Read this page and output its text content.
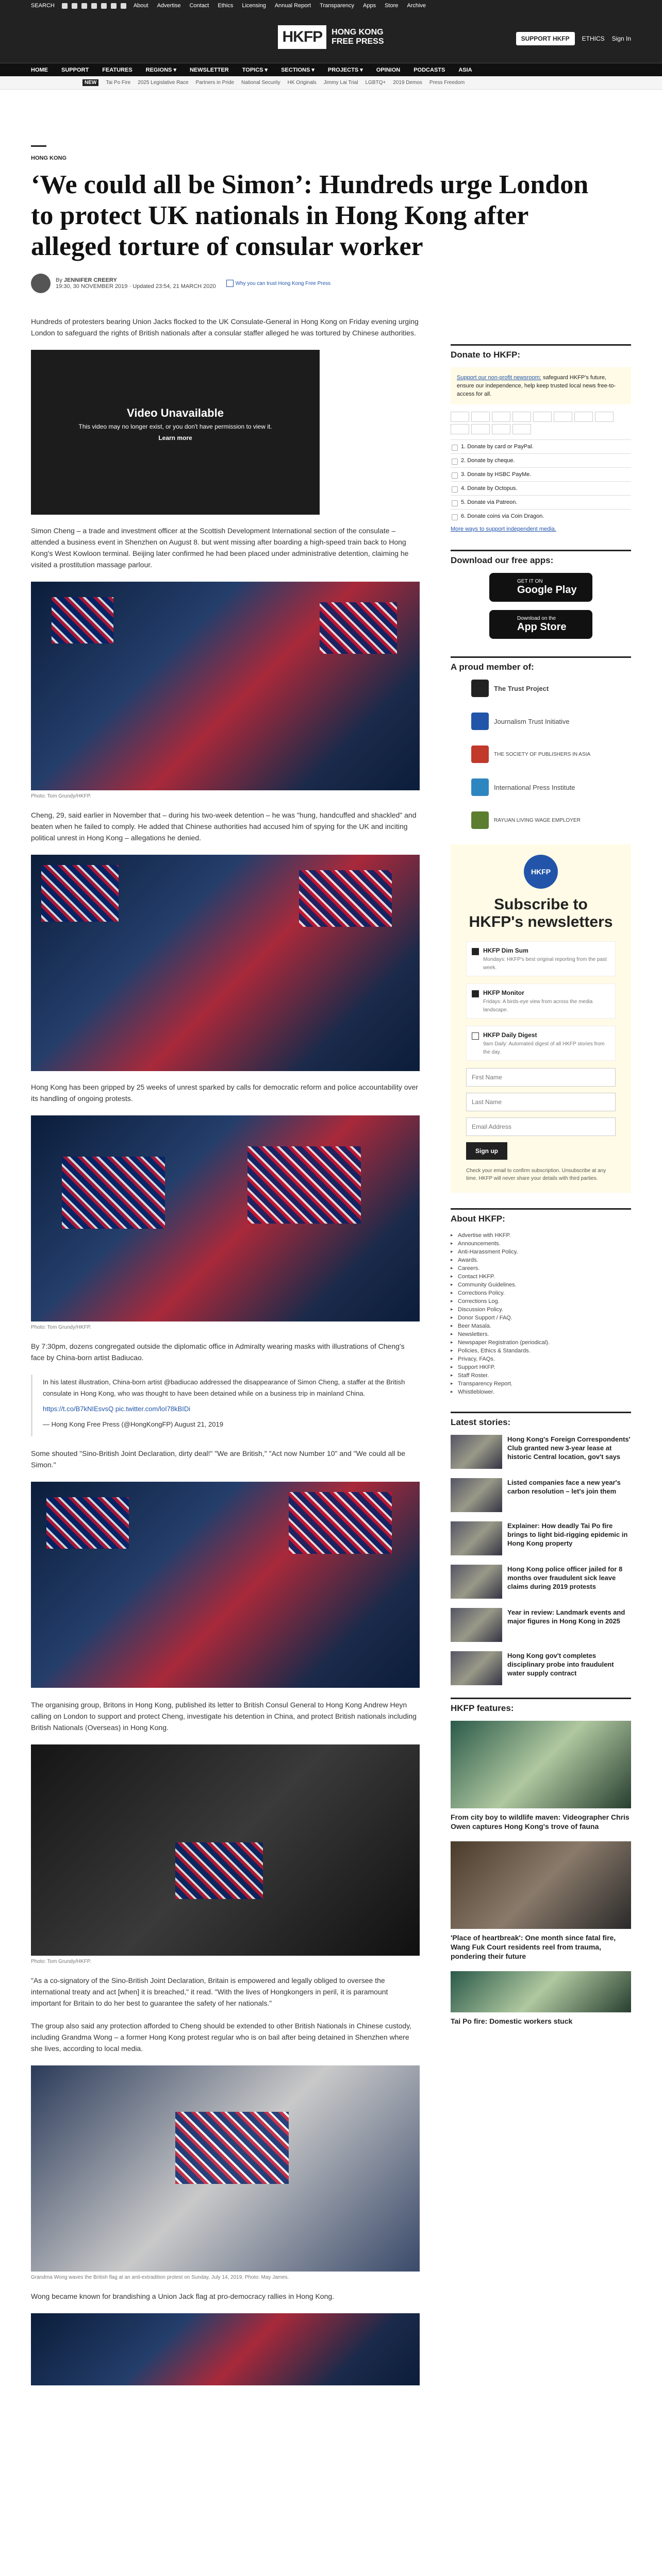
SEARCH	About Advertise Contact Ethics Licensing Annual Report Transparency Apps Store Archive
HKFP	HONG KONG
FREE PRESS	SUPPORT HKFP	ETHICS Sign In
HOME SUPPORT FEATURES REGIONS ▾ NEWSLETTER TOPICS ▾ SECTIONS ▾ PROJECTS ▾ OPINION PODCASTS ASIA
NEW	Tai Po Fire 2025 Legislative Race Partners in Pride National Security HK Originals Jimmy Lai Trial LGBTQ+ 2019 Demos Press Freedom
HONG KONG
‘We could all be Simon’: Hundreds urge London to protect UK nationals in Hong Kong after alleged torture of consular worker
By JENNIFER CREERY
19:30, 30 NOVEMBER 2019 · Updated 23:54, 21 MARCH 2020	Why you can trust Hong Kong Free Press

Hundreds of protesters bearing Union Jacks flocked to the UK Consulate-General in Hong Kong on Friday evening urging London to safeguard the rights of British nationals after a consular staffer alleged he was tortured by Chinese authorities.

Video Unavailable
This video may no longer exist, or you don't have permission to view it.
Learn more

Simon Cheng – a trade and investment officer at the Scottish Development International section of the consulate – attended a business event in Shenzhen on August 8. but went missing after boarding a high-speed train back to Hong Kong's West Kowloon terminal. Beijing later confirmed he had been placed under administrative detention, claiming he visited a prostitution massage parlour.

Photo: Tom Grundy/HKFP.

Cheng, 29, said earlier in November that – during his two-week detention – he was "hung, handcuffed and shackled" and beaten when he failed to comply. He added that Chinese authorities had accused him of spying for the UK and inciting political unrest in Hong Kong – allegations he denied.

Hong Kong has been gripped by 25 weeks of unrest sparked by calls for democratic reform and police accountability over its handling of ongoing protests.

Photo: Tom Grundy/HKFP.

By 7:30pm, dozens congregated outside the diplomatic office in Admiralty wearing masks with illustrations of Cheng's face by China-born artist Badiucao.

In his latest illustration, China-born artist @badiucao addressed the disappearance of Simon Cheng, a staffer at the British consulate in Hong Kong, who was thought to have been detained while on a business trip in mainland China.

https://t.co/B7kNIEsvsQ pic.twitter.com/loI78kBIDi

— Hong Kong Free Press (@HongKongFP) August 21, 2019

Some shouted "Sino-British Joint Declaration, dirty deal!" "We are British," "Act now Number 10" and "We could all be Simon."

The organising group, Britons in Hong Kong, published its letter to British Consul General to Hong Kong Andrew Heyn calling on London to support and protect Cheng, investigate his detention in China, and protect British nationals including British Nationals (Overseas) in Hong Kong.

Photo: Tom Grundy/HKFP.

"As a co-signatory of the Sino-British Joint Declaration, Britain is empowered and legally obliged to oversee the international treaty and act [when] it is breached," it read. "With the lives of Hongkongers in peril, it is paramount important for Britain to do her best to guarantee the safety of her nationals."

The group also said any protection afforded to Cheng should be extended to other British Nationals in Chinese custody, including Grandma Wong – a former Hong Kong protest regular who is on bail after being detained in Shenzhen where she lives, according to local media.

Grandma Wong waves the British flag at an anti-extradition protest on Sunday, July 14, 2019. Photo: May James.

Wong became known for brandishing a Union Jack flag at pro-democracy rallies in Hong Kong.

Donate to HKFP:
Support our non-profit newsroom: safeguard HKFP's future, ensure our independence, help keep trusted local news free-to-access for all.
1. Donate by card or PayPal.
2. Donate by cheque.
3. Donate by HSBC PayMe.
4. Donate by Octopus.
5. Donate via Patreon.
6. Donate coins via Coin Dragon.
More ways to support independent media.
Download our free apps:
GET IT ON
Google Play
Download on the
App Store
A proud member of:
The Trust Project
Journalism Trust Initiative
THE SOCIETY OF PUBLISHERS IN ASIA
International Press Institute
RAYUAN LIVING WAGE EMPLOYER
HKFP
Subscribe to HKFP's newsletters
HKFP Dim Sum
Mondays: HKFP's best original reporting from the past week.
HKFP Monitor
Fridays: A birds-eye view from across the media landscape.
HKFP Daily Digest
9am Daily: Automated digest of all HKFP stories from the day.
First Name Last Name Email Address Sign up
Check your email to confirm subscription. Unsubscribe at any time. HKFP will never share your details with third parties.
About HKFP:
▸ Advertise with HKFP.
▸ Announcements.
▸ Anti-Harassment Policy.
▸ Awards.
▸ Careers.
▸ Contact HKFP.
▸ Community Guidelines.
▸ Corrections Policy.
▸ Corrections Log.
▸ Discussion Policy.
▸ Donor Support / FAQ.
▸ Beer Masala.
▸ Newsletters.
▸ Newspaper Registration (periodical).
▸ Policies, Ethics & Standards.
▸ Privacy, FAQs.
▸ Support HKFP.
▸ Staff Roster.
▸ Transparency Report.
▸ Whistleblower.
Latest stories:
Hong Kong's Foreign Correspondents' Club granted new 3-year lease at historic Central location, gov't says
Listed companies face a new year's carbon resolution – let's join them
Explainer: How deadly Tai Po fire brings to light bid-rigging epidemic in Hong Kong property
Hong Kong police officer jailed for 8 months over fraudulent sick leave claims during 2019 protests
Year in review: Landmark events and major figures in Hong Kong in 2025
Hong Kong gov't completes disciplinary probe into fraudulent water supply contract
HKFP features:
From city boy to wildlife maven: Videographer Chris Owen captures Hong Kong's trove of fauna
'Place of heartbreak': One month since fatal fire, Wang Fuk Court residents reel from trauma, pondering their future
Tai Po fire: Domestic workers stuck
